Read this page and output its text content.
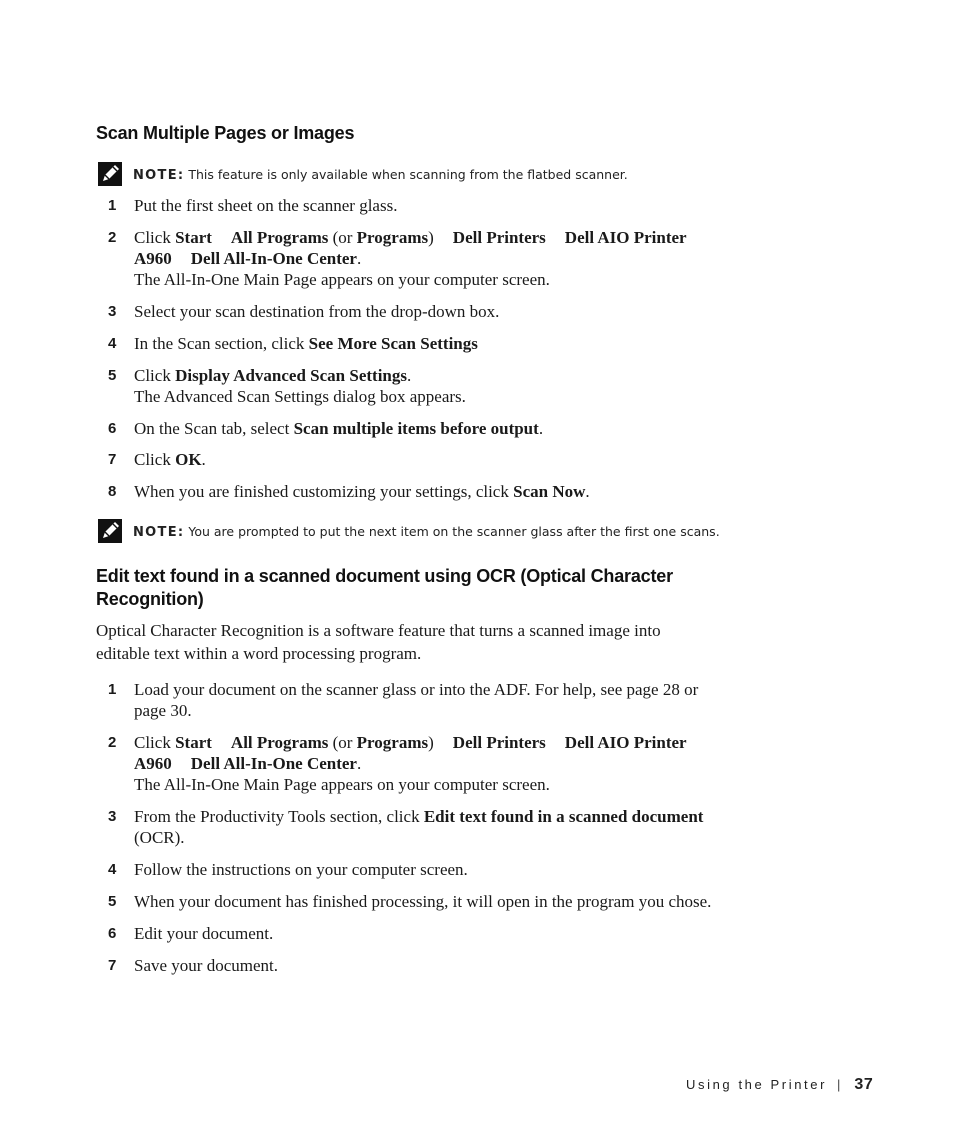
Scan Multiple Pages or Images
NOTE: This feature is only available when scanning from the flatbed scanner.
1 Put the first sheet on the scanner glass.
2 Click Start All Programs (or Programs) Dell Printers Dell AIO Printer
A960 Dell All-In-One Center.
The All-In-One Main Page appears on your computer screen.
3 Select your scan destination from the drop-down box.
4 In the Scan section, click See More Scan Settings
5 Click Display Advanced Scan Settings.
The Advanced Scan Settings dialog box appears.
6 On the Scan tab, select Scan multiple items before output.
7 Click OK.
8 When you are finished customizing your settings, click Scan Now.
NOTE: You are prompted to put the next item on the scanner glass after the first one scans.
Edit text found in a scanned document using OCR (Optical Character
Recognition)
Optical Character Recognition is a software feature that turns a scanned image into
editable text within a word processing program.
1 Load your document on the scanner glass or into the ADF. For help, see page 28 or
page 30.
2 Click Start All Programs (or Programs) Dell Printers Dell AIO Printer
A960 Dell All-In-One Center.
The All-In-One Main Page appears on your computer screen.
3 From the Productivity Tools section, click Edit text found in a scanned document
(OCR).
4 Follow the instructions on your computer screen.
5 When your document has finished processing, it will open in the program you chose.
6 Edit your document.
7 Save your document.
Using the Printer | 37
